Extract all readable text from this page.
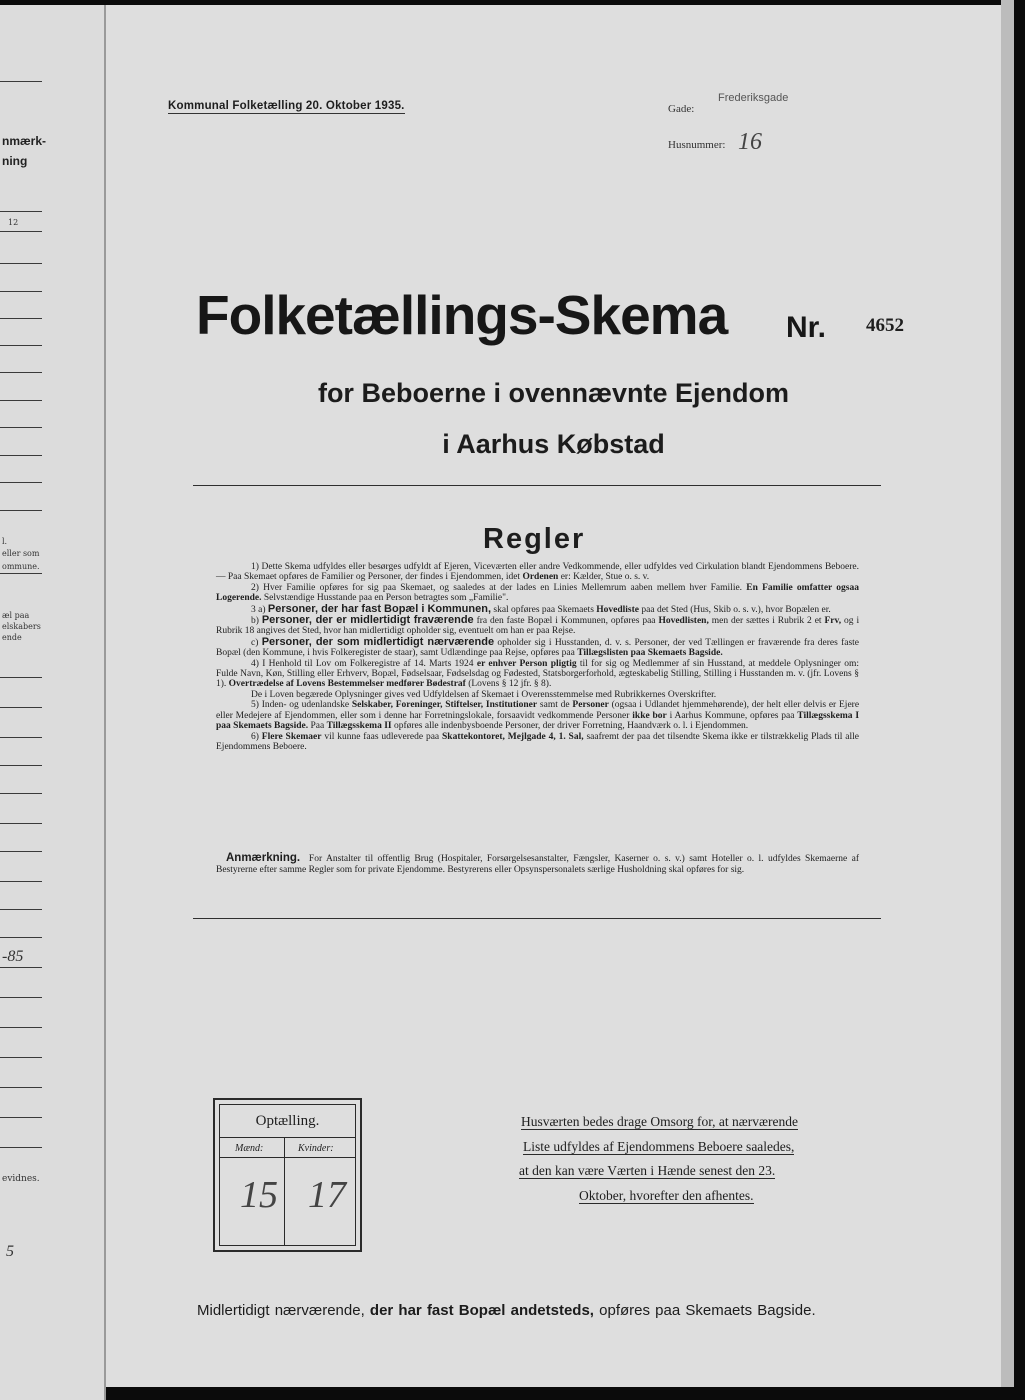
nmærk-
ning
12
l.
eller som
ommune.
æl paa
elskabers
ende
-85
evidnes.
5
Kommunal Folketælling 20. Oktober 1935.	Gade:
Frederiksgade
Husnummer: 16
Folketællings-Skema Nr. 4652
for Beboerne i ovennævnte Ejendom
i Aarhus Købstad
Regler

1) Dette Skema udfyldes eller besørges udfyldt af Ejeren, Viceværten eller andre Vedkommende, eller udfyldes ved Cirkulation blandt Ejendommens Beboere. — Paa Skemaet opføres de Familier og Personer, der findes i Ejendommen, idet Ordenen er: Kælder, Stue o. s. v.

2) Hver Familie opføres for sig paa Skemaet, og saaledes at der lades en Linies Mellemrum aaben mellem hver Familie. En Familie omfatter ogsaa Logerende. Selvstændige Husstande paa en Person betragtes som „Familie".

3 a) Personer, der har fast Bopæl i Kommunen, skal opføres paa Skemaets Hovedliste paa det Sted (Hus, Skib o. s. v.), hvor Bopælen er.

b) Personer, der er midlertidigt fraværende fra den faste Bopæl i Kommunen, opføres paa Hovedlisten, men der sættes i Rubrik 2 et Frv, og i Rubrik 18 angives det Sted, hvor han midlertidigt opholder sig, eventuelt om han er paa Rejse.

c) Personer, der som midlertidigt nærværende opholder sig i Husstanden, d. v. s. Personer, der ved Tællingen er fraværende fra deres faste Bopæl (den Kommune, i hvis Folkeregister de staar), samt Udlændinge paa Rejse, opføres paa Tillægslisten paa Skemaets Bagside.

4) I Henhold til Lov om Folkeregistre af 14. Marts 1924 er enhver Person pligtig til for sig og Medlemmer af sin Husstand, at meddele Oplysninger om: Fulde Navn, Køn, Stilling eller Erhverv, Bopæl, Fødselsaar, Fødselsdag og Fødested, Statsborgerforhold, ægteskabelig Stilling, Stilling i Husstanden m. v. (jfr. Lovens § 1). Overtrædelse af Lovens Bestemmelser medfører Bødestraf (Lovens § 12 jfr. § 8).

De i Loven begærede Oplysninger gives ved Udfyldelsen af Skemaet i Overensstemmelse med Rubrikkernes Overskrifter.

5) Inden- og udenlandske Selskaber, Foreninger, Stiftelser, Institutioner samt de Personer (ogsaa i Udlandet hjemmehørende), der helt eller delvis er Ejere eller Medejere af Ejendommen, eller som i denne har Forretningslokale, forsaavidt vedkommende Personer ikke bor i Aarhus Kommune, opføres paa Tillægsskema I paa Skemaets Bagside. Paa Tillægsskema II opføres alle indenbysboende Personer, der driver Forretning, Haandværk o. l. i Ejendommen.

6) Flere Skemaer vil kunne faas udleverede paa Skattekontoret, Mejlgade 4, 1. Sal, saafremt der paa det tilsendte Skema ikke er tilstrækkelig Plads til alle Ejendommens Beboere.

Anmærkning. For Anstalter til offentlig Brug (Hospitaler, Forsørgelsesanstalter, Fængsler, Kaserner o. s. v.) samt Hoteller o. l. udfyldes Skemaerne af Bestyrerne efter samme Regler som for private Ejendomme. Bestyrerens eller Opsynspersonalets særlige Husholdning skal opføres for sig.

Optælling.
Mænd:	Kvinder:
15 17
Husværten bedes drage Omsorg for, at nærværende
Liste udfyldes af Ejendommens Beboere saaledes,
at den kan være Værten i Hænde senest den 23.
Oktober, hvorefter den afhentes.
Midlertidigt nærværende, der har fast Bopæl andetsteds, opføres paa Skemaets Bagside.
